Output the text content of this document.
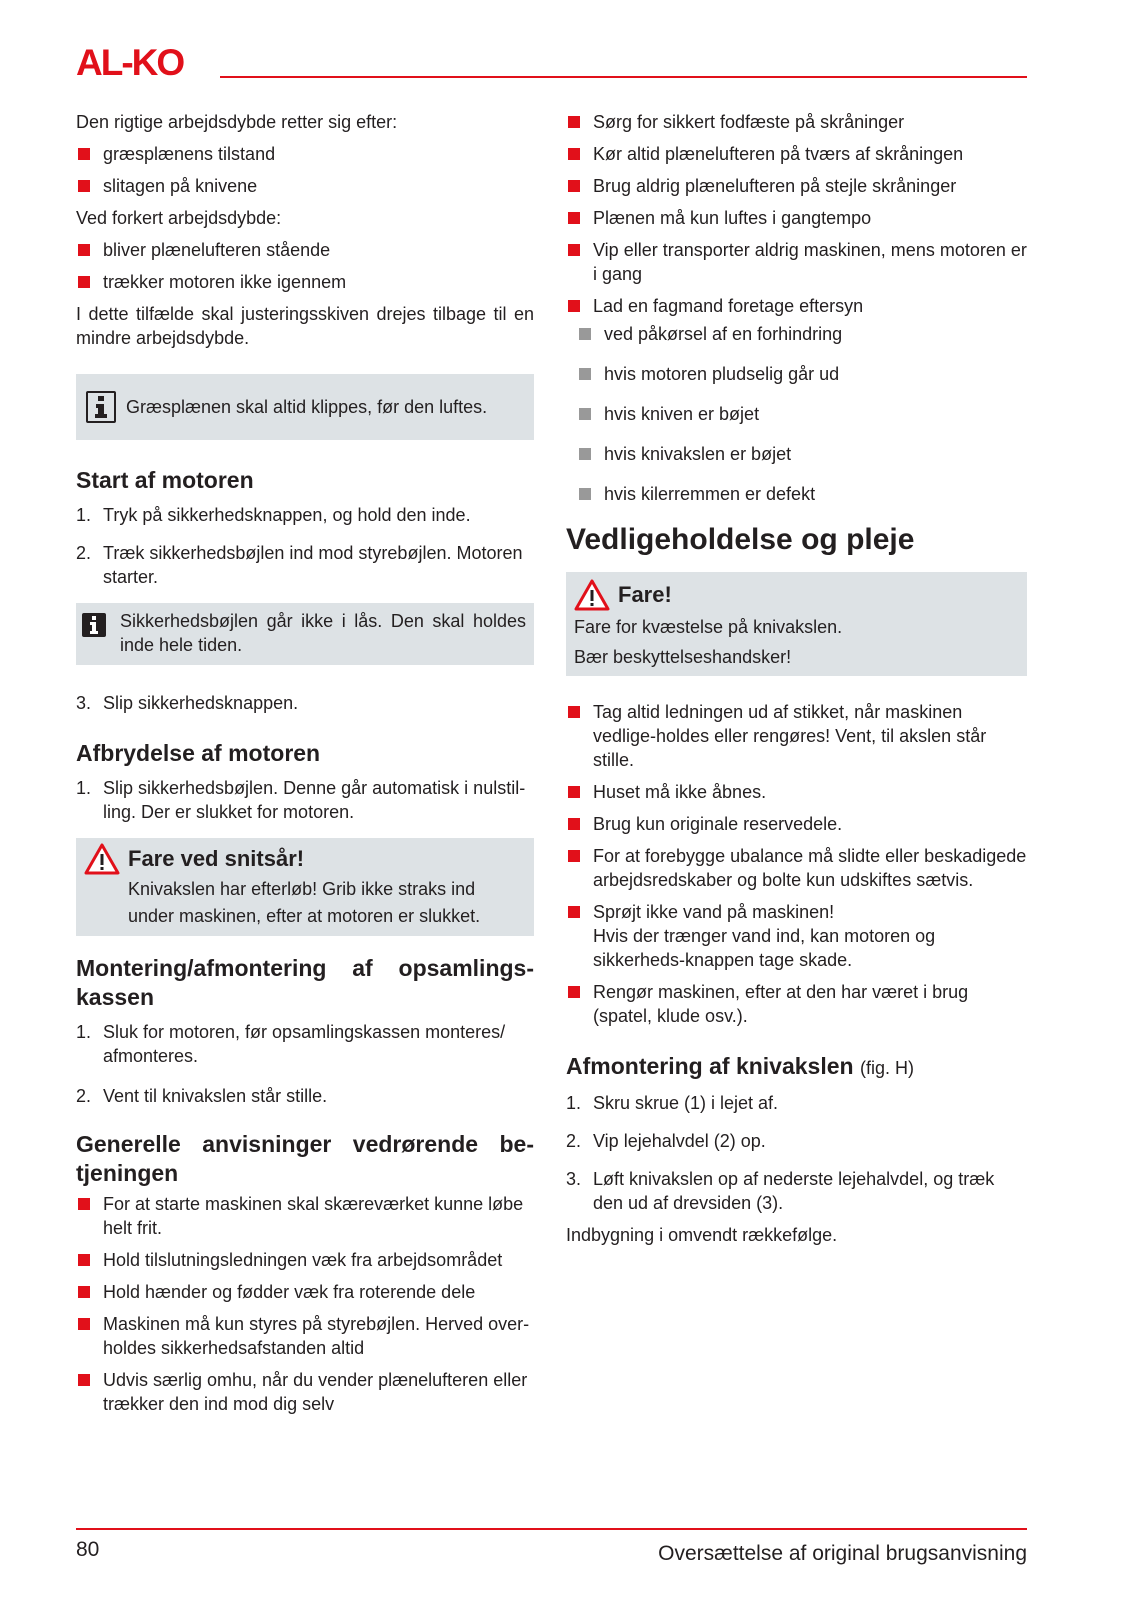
AL-KO

Den rigtige arbejdsdybde retter sig efter:

græsplænens tilstand
slitagen på knivene

Ved forkert arbejdsdybde:

bliver plænelufteren stående
trækker motoren ikke igennem

I dette tilfælde skal justeringsskiven drejes tilbage til en mindre arbejdsdybde.

Græsplænen skal altid klippes, før den luftes.
Start af motoren
1. Tryk på sikkerhedsknappen, og hold den inde.
2. Træk sikkerhedsbøjlen ind mod styrebøjlen. Motoren starter.
Sikkerhedsbøjlen går ikke i lås. Den skal holdes inde hele tiden.
3. Slip sikkerhedsknappen.
Afbrydelse af motoren
1. Slip sikkerhedsbøjlen. Denne går automatisk i nulstil-ling. Der er slukket for motoren.
Fare ved snitsår!
Knivakslen har efterløb! Grib ikke straks ind under maskinen, efter at motoren er slukket.
Montering/afmontering af opsamlings-kassen
1. Sluk for motoren, før opsamlingskassen monteres/ afmonteres.
2. Vent til knivakslen står stille.
Generelle anvisninger vedrørende be-tjeningen
For at starte maskinen skal skæreværket kunne løbe helt frit.
Hold tilslutningsledningen væk fra arbejdsområdet
Hold hænder og fødder væk fra roterende dele
Maskinen må kun styres på styrebøjlen. Herved over-holdes sikkerhedsafstanden altid
Udvis særlig omhu, når du vender plænelufteren eller trækker den ind mod dig selv
Sørg for sikkert fodfæste på skråninger
Kør altid plænelufteren på tværs af skråningen
Brug aldrig plænelufteren på stejle skråninger
Plænen må kun luftes i gangtempo
Vip eller transporter aldrig maskinen, mens motoren er i gang
Lad en fagmand foretage eftersyn
ved påkørsel af en forhindring
hvis motoren pludselig går ud
hvis kniven er bøjet
hvis knivakslen er bøjet
hvis kilerremmen er defekt
Vedligeholdelse og pleje
Fare!
Fare for kvæstelse på knivakslen.
Bær beskyttelseshandsker!
Tag altid ledningen ud af stikket, når maskinen vedlige-holdes eller rengøres! Vent, til akslen står stille.
Huset må ikke åbnes.
Brug kun originale reservedele.
For at forebygge ubalance må slidte eller beskadigede arbejdsredskaber og bolte kun udskiftes sætvis.
Sprøjt ikke vand på maskinen!
Hvis der trænger vand ind, kan motoren og sikkerheds-knappen tage skade.
Rengør maskinen, efter at den har været i brug (spatel, klude osv.).
Afmontering af knivakslen (fig. H)
1. Skru skrue (1) i lejet af.
2. Vip lejehalvdel (2) op.
3. Løft knivakslen op af nederste lejehalvdel, og træk den ud af drevsiden (3).

Indbygning i omvendt rækkefølge.

80	Oversættelse af original brugsanvisning
